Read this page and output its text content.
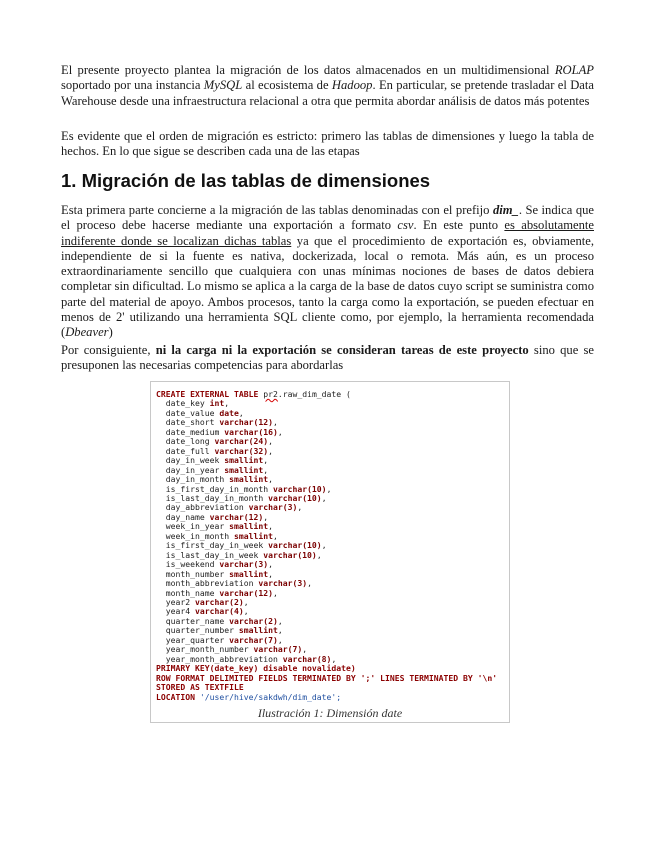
El presente proyecto plantea la migración de los datos almacenados en un multidimensional ROLAP soportado por una instancia MySQL al ecosistema de Hadoop. En particular, se pretende trasladar el Data Warehouse desde una infraestructura relacional a otra que permita abordar análisis de datos más potentes

Es evidente que el orden de migración es estricto: primero las tablas de dimensiones y luego la tabla de hechos. En lo que sigue se describen cada una de las etapas

1. Migración de las tablas de dimensiones

Esta primera parte concierne a la migración de las tablas denominadas con el prefijo dim_. Se indica que el proceso debe hacerse mediante una exportación a formato csv. En este punto es absolutamente indiferente donde se localizan dichas tablas ya que el procedimiento de exportación es, obviamente, independiente de si la fuente es nativa, dockerizada, local o remota. Más aún, es un proceso extraordinariamente sencillo que cualquiera con unas mínimas nociones de bases de datos debiera completar sin dificultad. Lo mismo se aplica a la carga de la base de datos cuyo script se suministra como parte del material de apoyo. Ambos procesos, tanto la carga como la exportación, se pueden efectuar en menos de 2' utilizando una herramienta SQL cliente como, por ejemplo, la herramienta recomendada (Dbeaver)

Por consiguiente, ni la carga ni la exportación se consideran tareas de este proyecto sino que se presuponen las necesarias competencias para abordarlas

CREATE EXTERNAL TABLE pr2.raw_dim_date (
date_key int,
date_value date,
date_short varchar(12),
date_medium varchar(16),
date_long varchar(24),
date_full varchar(32),
day_in_week smallint,
day_in_year smallint,
day_in_month smallint,
is_first_day_in_month varchar(10),
is_last_day_in_month varchar(10),
day_abbreviation varchar(3),
day_name varchar(12),
week_in_year smallint,
week_in_month smallint,
is_first_day_in_week varchar(10),
is_last_day_in_week varchar(10),
is_weekend varchar(3),
month_number smallint,
month_abbreviation varchar(3),
month_name varchar(12),
year2 varchar(2),
year4 varchar(4),
quarter_name varchar(2),
quarter_number smallint,
year_quarter varchar(7),
year_month_number varchar(7),
year_month_abbreviation varchar(8),
PRIMARY KEY(date_key) disable novalidate)
ROW FORMAT DELIMITED FIELDS TERMINATED BY ';' LINES TERMINATED BY '\n'
STORED AS TEXTFILE
LOCATION '/user/hive/sakdwh/dim_date';
Ilustración 1: Dimensión date
